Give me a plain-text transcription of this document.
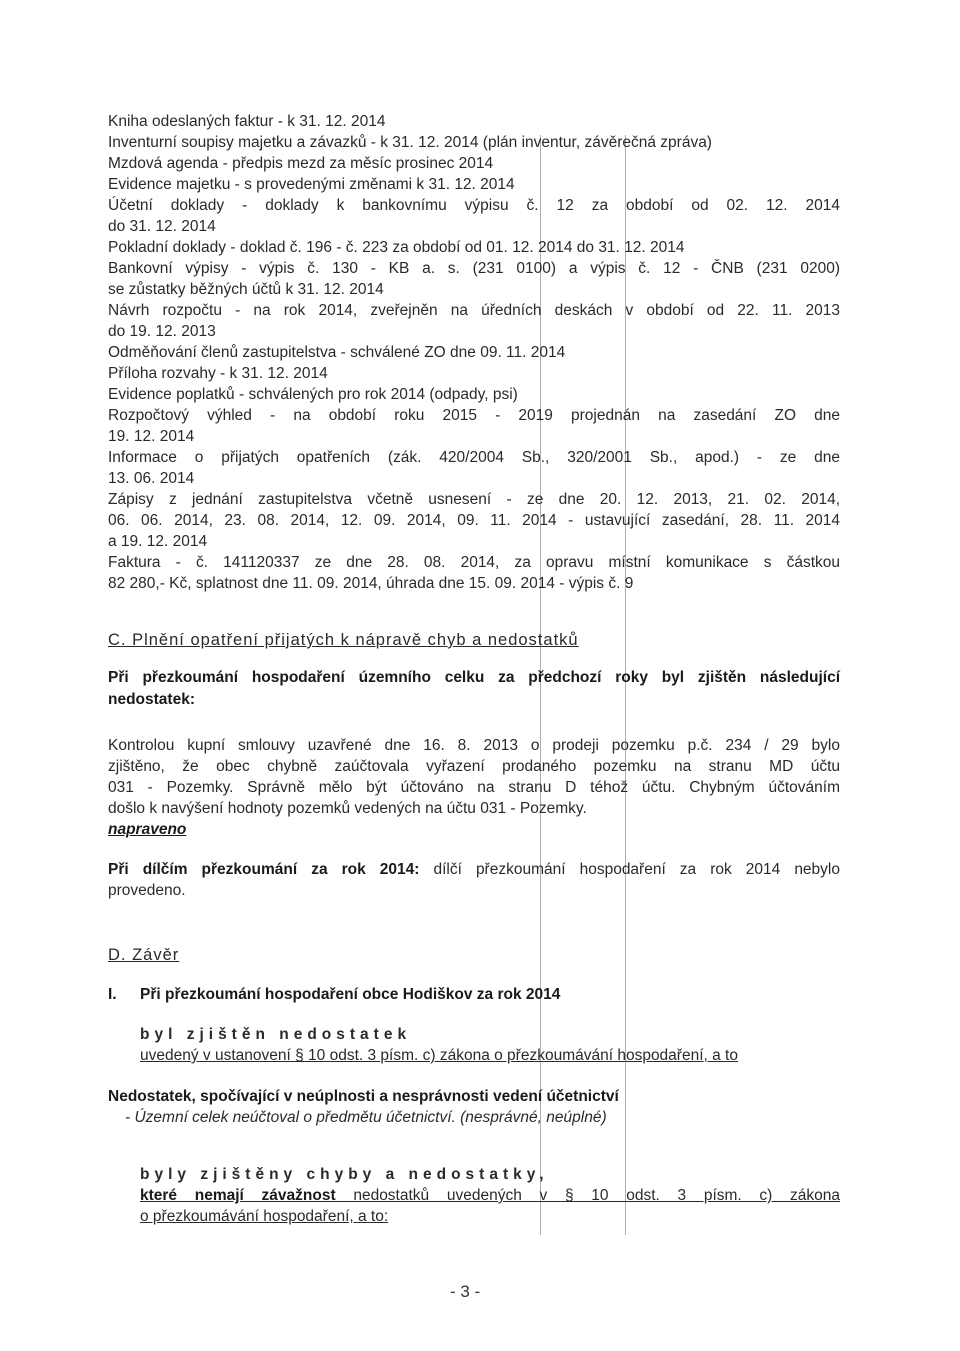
Kniha odeslaných faktur - k 31. 12. 2014
Inventurní soupisy majetku a závazků - k 31. 12. 2014 (plán inventur, závěrečná zpráva)
Mzdová agenda - předpis mezd za měsíc prosinec 2014
Evidence majetku - s provedenými změnami k 31. 12. 2014
Účetní doklady - doklady k bankovnímu výpisu č. 12 za období od 02. 12. 2014
do 31. 12. 2014
Pokladní doklady - doklad č. 196 - č. 223 za období od 01. 12. 2014 do 31. 12. 2014
Bankovní výpisy - výpis č. 130 - KB a. s. (231 0100) a výpis č. 12 - ČNB (231 0200)
se zůstatky běžných účtů k 31. 12. 2014
Návrh rozpočtu - na rok 2014, zveřejněn na úředních deskách v období od 22. 11. 2013
do 19. 12. 2013
Odměňování členů zastupitelstva - schválené ZO dne 09. 11. 2014
Příloha rozvahy - k 31. 12. 2014
Evidence poplatků - schválených pro rok 2014 (odpady, psi)
Rozpočtový výhled - na období roku 2015 - 2019 projednán na zasedání ZO dne
19. 12. 2014
Informace o přijatých opatřeních (zák. 420/2004 Sb., 320/2001 Sb., apod.) - ze dne
13. 06. 2014
Zápisy z jednání zastupitelstva včetně usnesení - ze dne 20. 12. 2013, 21. 02. 2014,
06. 06. 2014, 23. 08. 2014, 12. 09. 2014, 09. 11. 2014 - ustavující zasedání, 28. 11. 2014
a 19. 12. 2014
Faktura - č. 141120337 ze dne 28. 08. 2014, za opravu místní komunikace s částkou
82 280,- Kč, splatnost dne 11. 09. 2014, úhrada dne 15. 09. 2014 - výpis č. 9
C. Plnění opatření přijatých k nápravě chyb a nedostatků
Při přezkoumání hospodaření územního celku za předchozí roky byl zjištěn následující
nedostatek:
Kontrolou kupní smlouvy uzavřené dne 16. 8. 2013 o prodeji pozemku p.č. 234 / 29 bylo
zjištěno, že obec chybně zaúčtovala vyřazení prodaného pozemku na stranu MD účtu
031 - Pozemky. Správně mělo být účtováno na stranu D téhož účtu. Chybným účtováním
došlo k navýšení hodnoty pozemků vedených na účtu 031 - Pozemky.
napraveno
Při dílčím přezkoumání za rok 2014: dílčí přezkoumání hospodaření za rok 2014 nebylo
provedeno.
D. Závěr
I.	Při přezkoumání hospodaření obce Hodiškov za rok 2014
byl zjištěn nedostatek
uvedený v ustanovení § 10 odst. 3 písm. c) zákona o přezkoumávání hospodaření, a to
Nedostatek, spočívající v neúplnosti a nesprávnosti vedení účetnictví
- Územní celek neúčtoval o předmětu účetnictví. (nesprávné, neúplné)
byly zjištěny chyby a nedostatky,
které nemají závažnost nedostatků uvedených v § 10 odst. 3 písm. c) zákona
o přezkoumávání hospodaření, a to:
- 3 -
